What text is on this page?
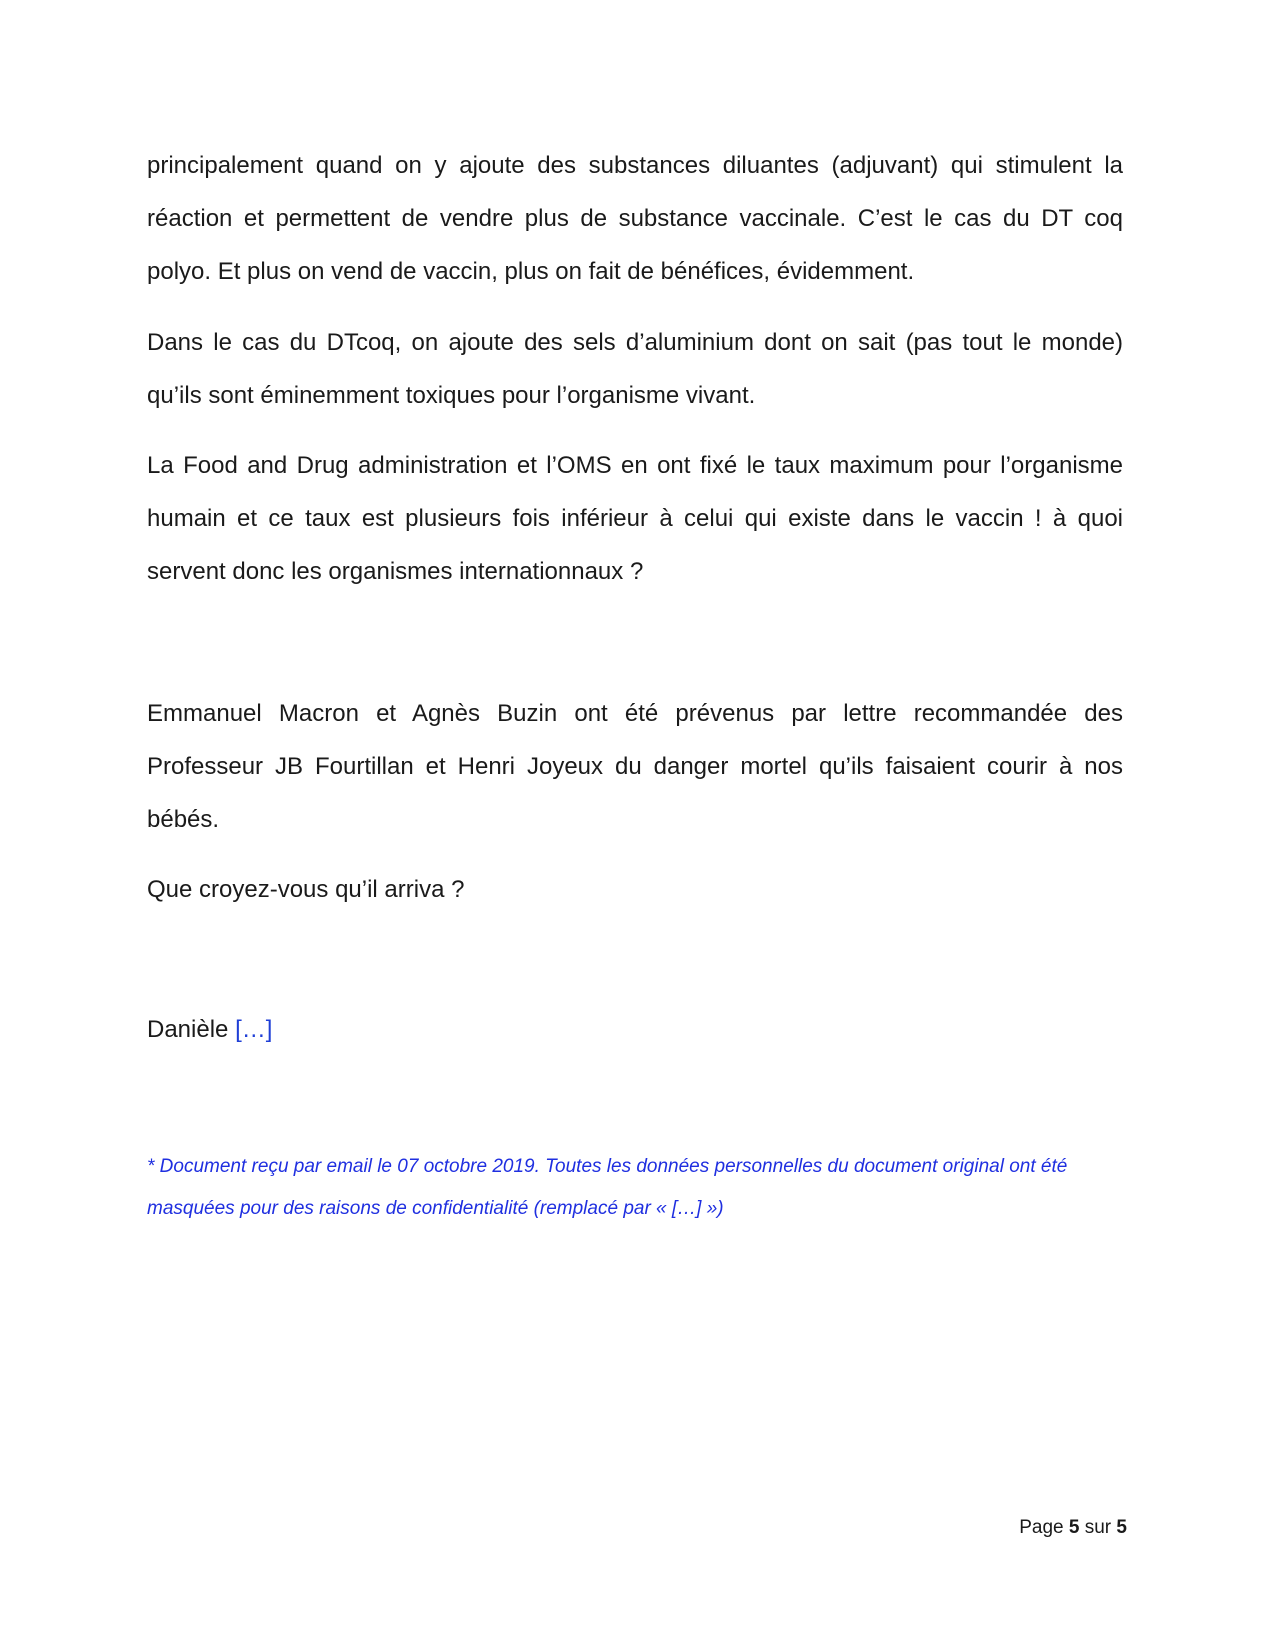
principalement quand on y ajoute des substances diluantes (adjuvant) qui stimulent la réaction et permettent de vendre plus de substance vaccinale. C’est le cas du DT coq polyo. Et plus on vend de vaccin, plus on fait de bénéfices, évidemment.

Dans le cas du DTcoq, on ajoute des sels d’aluminium dont on sait (pas tout le monde) qu’ils sont éminemment toxiques pour l’organisme vivant.

La Food and Drug administration et l’OMS en ont fixé le taux maximum pour l’organisme humain et ce taux est plusieurs fois inférieur à celui qui existe dans le vaccin ! à quoi servent donc les organismes internationnaux ?

Emmanuel Macron et Agnès Buzin ont été prévenus par lettre recommandée des Professeur JB Fourtillan et Henri Joyeux du danger mortel qu’ils faisaient courir à nos bébés.

Que croyez-vous qu’il arriva ?

Danièle […]

* Document reçu par email le 07 octobre 2019. Toutes les données personnelles du document original ont été masquées pour des raisons de confidentialité (remplacé par « […] »)

Page 5 sur 5
